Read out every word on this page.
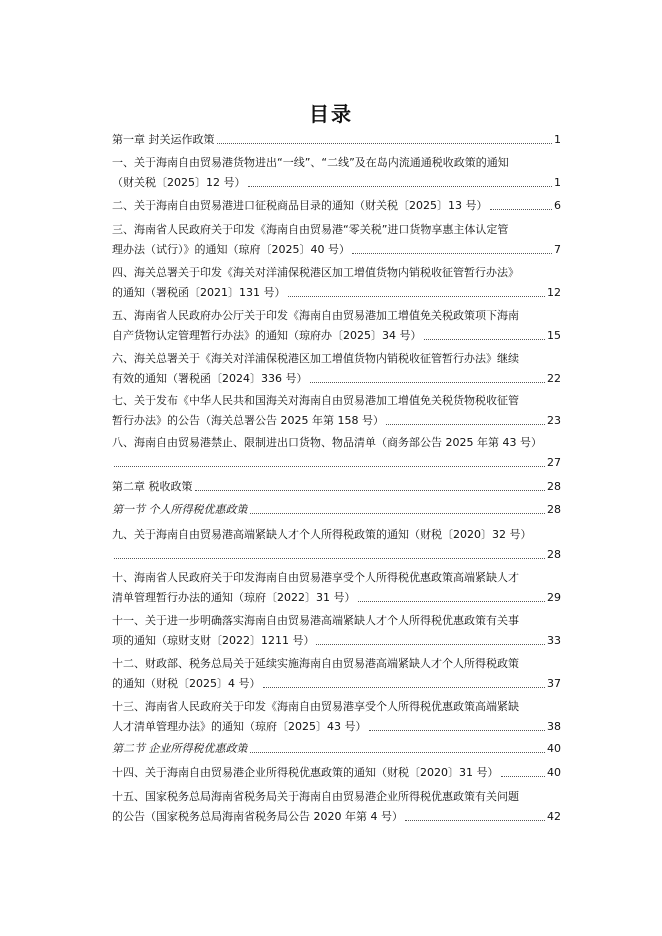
目录
第一章 封关运作政策	1
一、关于海南自由贸易港货物进出“一线”、“二线”及在岛内流通通税收政策的通知
（财关税〔2025〕12 号）	1
二、关于海南自由贸易港进口征税商品目录的通知（财关税〔2025〕13 号）	6
三、海南省人民政府关于印发《海南自由贸易港“零关税”进口货物享惠主体认定管
理办法（试行）》的通知（琼府〔2025〕40 号）	7
四、海关总署关于印发《海关对洋浦保税港区加工增值货物内销税收征管暂行办法》
的通知（署税函〔2021〕131 号）	12
五、海南省人民政府办公厅关于印发《海南自由贸易港加工增值免关税政策项下海南
自产货物认定管理暂行办法》的通知（琼府办〔2025〕34 号）	15
六、海关总署关于《海关对洋浦保税港区加工增值货物内销税收征管暂行办法》继续
有效的通知（署税函〔2024〕336 号）	22
七、关于发布《中华人民共和国海关对海南自由贸易港加工增值免关税货物税收征管
暂行办法》的公告（海关总署公告 2025 年第 158 号）	23
八、海南自由贸易港禁止、限制进出口货物、物品清单（商务部公告 2025 年第 43 号）
27
第二章 税收政策	28
第一节 个人所得税优惠政策	28
九、关于海南自由贸易港高端紧缺人才个人所得税政策的通知（财税〔2020〕32 号）
28
十、海南省人民政府关于印发海南自由贸易港享受个人所得税优惠政策高端紧缺人才
清单管理暂行办法的通知（琼府〔2022〕31 号）	29
十一、关于进一步明确落实海南自由贸易港高端紧缺人才个人所得税优惠政策有关事
项的通知（琼财支财〔2022〕1211 号）	33
十二、财政部、税务总局关于延续实施海南自由贸易港高端紧缺人才个人所得税政策
的通知（财税〔2025〕4 号）	37
十三、海南省人民政府关于印发《海南自由贸易港享受个人所得税优惠政策高端紧缺
人才清单管理办法》的通知（琼府〔2025〕43 号）	38
第二节 企业所得税优惠政策	40
十四、关于海南自由贸易港企业所得税优惠政策的通知（财税〔2020〕31 号）	40
十五、国家税务总局海南省税务局关于海南自由贸易港企业所得税优惠政策有关问题
的公告（国家税务总局海南省税务局公告 2020 年第 4 号）	42
